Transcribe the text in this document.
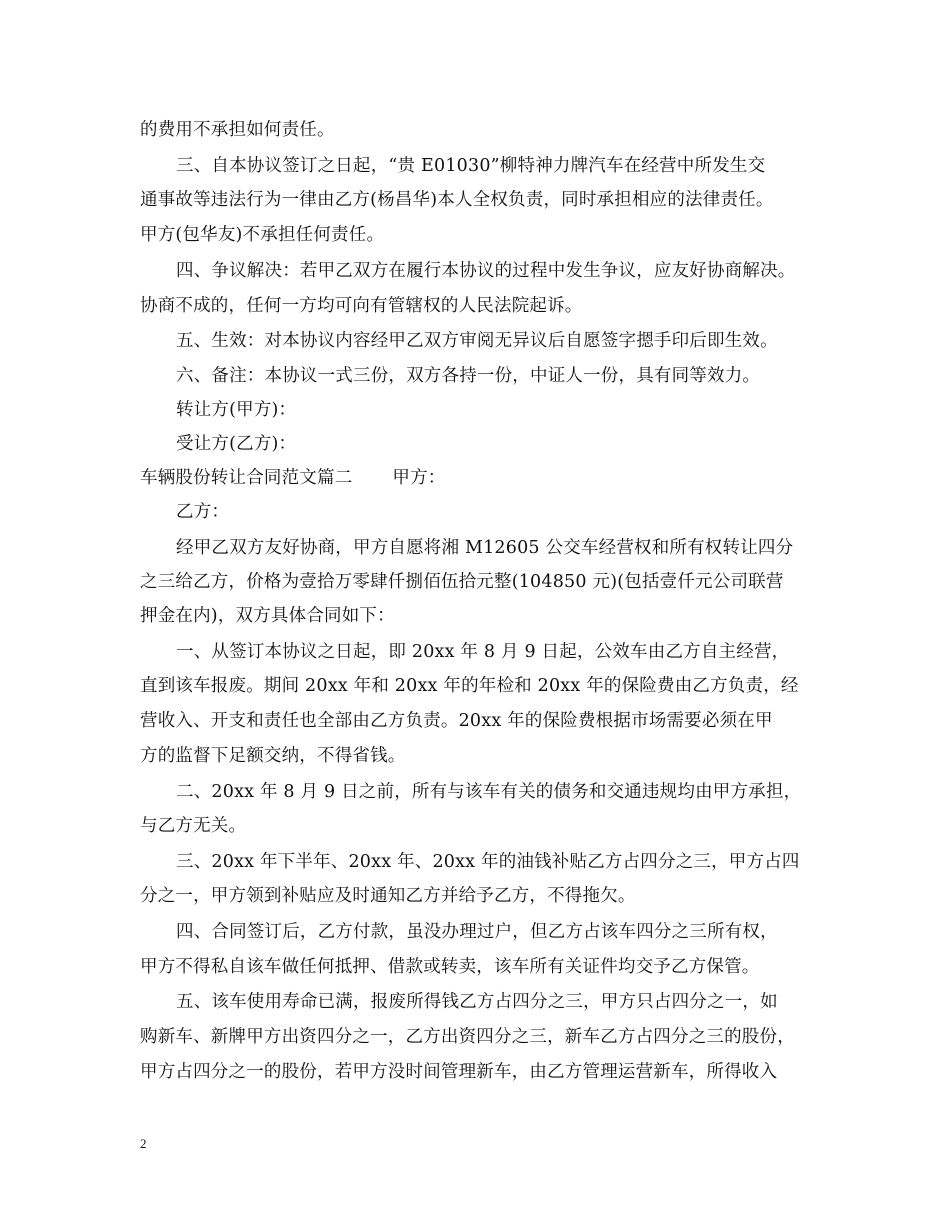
的费用不承担如何责任。
三、自本协议签订之日起，“贵 E01030”柳特神力牌汽车在经营中所发生交
通事故等违法行为一律由乙方(杨昌华)本人全权负责，同时承担相应的法律责任。
甲方(包华友)不承担任何责任。
四、争议解决：若甲乙双方在履行本协议的过程中发生争议，应友好协商解决。
协商不成的，任何一方均可向有管辖权的人民法院起诉。
五、生效：对本协议内容经甲乙双方审阅无异议后自愿签字摁手印后即生效。
六、备注：本协议一式三份，双方各持一份，中证人一份，具有同等效力。
转让方(甲方)：
受让方(乙方)：
车辆股份转让合同范文篇二 甲方：
乙方：
经甲乙双方友好协商，甲方自愿将湘 M12605 公交车经营权和所有权转让四分
之三给乙方，价格为壹拾万零肆仟捌佰伍拾元整(104850 元)(包括壹仟元公司联营
押金在内)，双方具体合同如下：
一、从签订本协议之日起，即 20xx 年 8 月 9 日起，公效车由乙方自主经营，
直到该车报废。期间 20xx 年和 20xx 年的年检和 20xx 年的保险费由乙方负责，经
营收入、开支和责任也全部由乙方负责。20xx 年的保险费根据市场需要必须在甲
方的监督下足额交纳，不得省钱。
二、20xx 年 8 月 9 日之前，所有与该车有关的债务和交通违规均由甲方承担，
与乙方无关。
三、20xx 年下半年、20xx 年、20xx 年的油钱补贴乙方占四分之三，甲方占四
分之一，甲方领到补贴应及时通知乙方并给予乙方，不得拖欠。
四、合同签订后，乙方付款，虽没办理过户，但乙方占该车四分之三所有权，
甲方不得私自该车做任何抵押、借款或转卖，该车所有关证件均交予乙方保管。
五、该车使用寿命已满，报废所得钱乙方占四分之三，甲方只占四分之一，如
购新车、新牌甲方出资四分之一，乙方出资四分之三，新车乙方占四分之三的股份，
甲方占四分之一的股份，若甲方没时间管理新车，由乙方管理运营新车，所得收入
2
